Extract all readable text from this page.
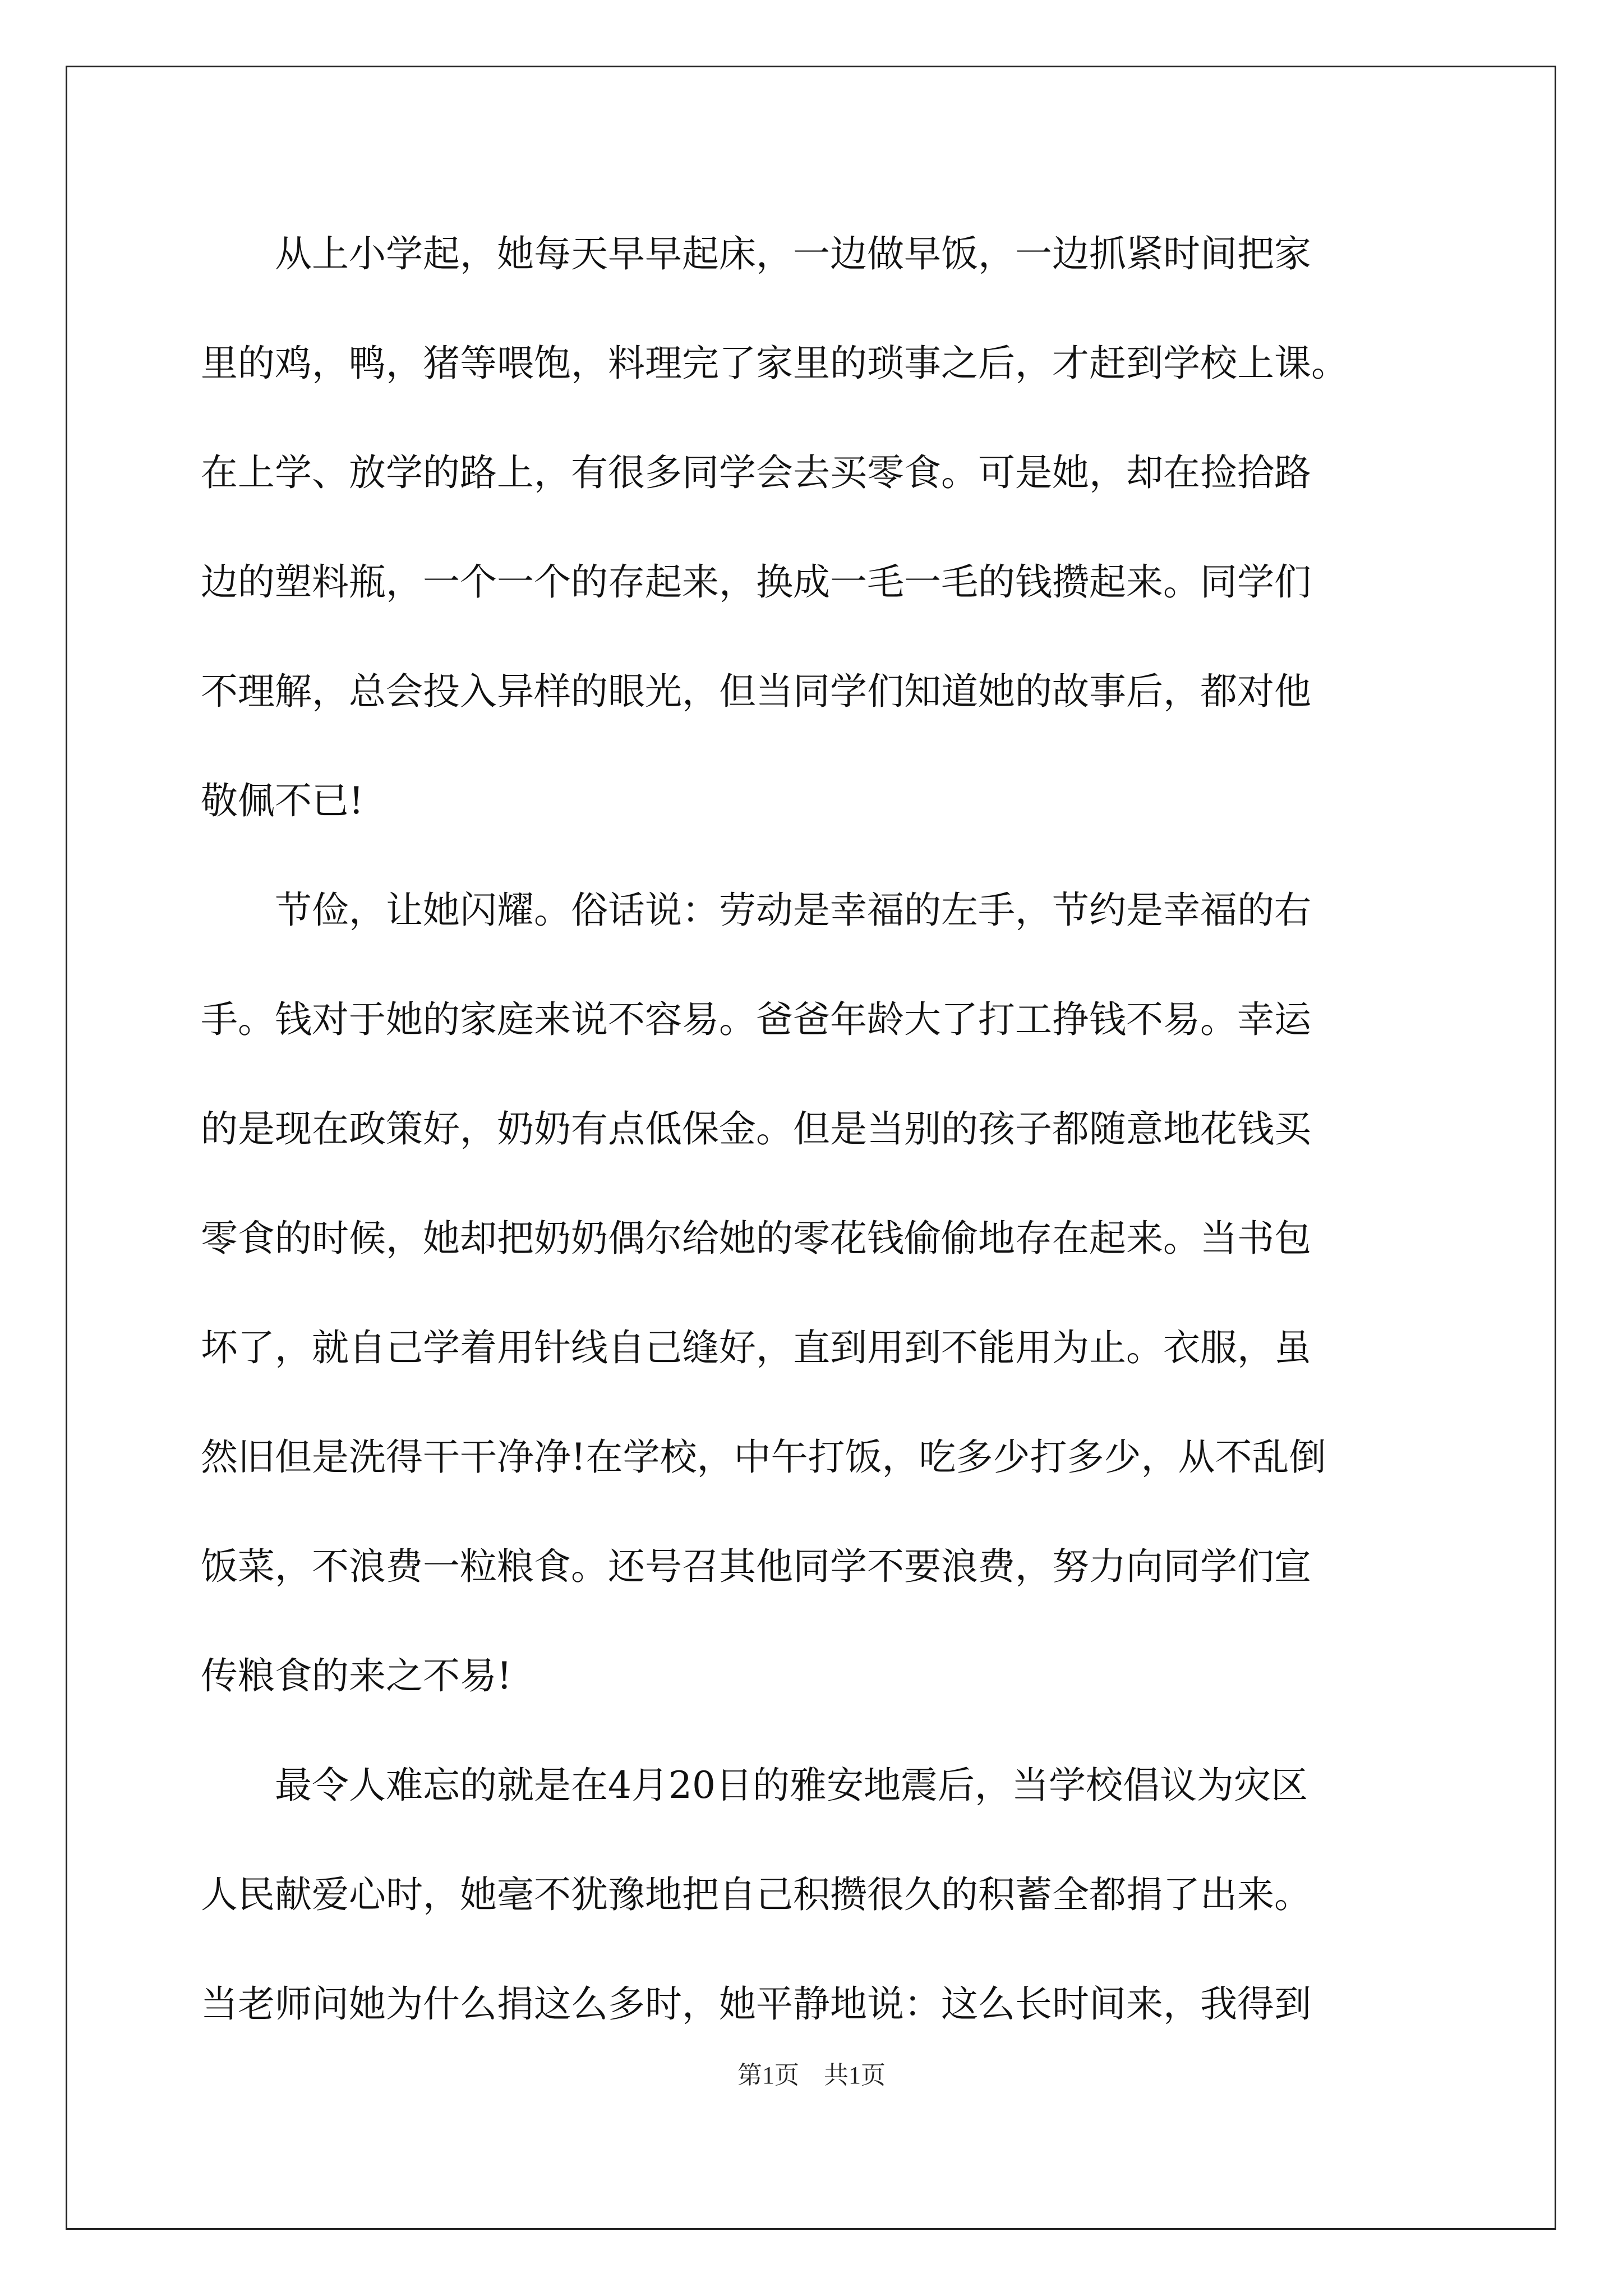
　　从上小学起，她每天早早起床，一边做早饭，一边抓紧时间把家
里的鸡，鸭，猪等喂饱，料理完了家里的琐事之后，才赶到学校上课。
在上学、放学的路上，有很多同学会去买零食。可是她，却在捡拾路
边的塑料瓶，一个一个的存起来，换成一毛一毛的钱攒起来。同学们
不理解，总会投入异样的眼光，但当同学们知道她的故事后，都对他
敬佩不已!
　　节俭，让她闪耀。俗话说：劳动是幸福的左手，节约是幸福的右
手。钱对于她的家庭来说不容易。爸爸年龄大了打工挣钱不易。幸运
的是现在政策好，奶奶有点低保金。但是当别的孩子都随意地花钱买
零食的时候，她却把奶奶偶尔给她的零花钱偷偷地存在起来。当书包
坏了，就自己学着用针线自己缝好，直到用到不能用为止。衣服，虽
然旧但是洗得干干净净!在学校，中午打饭，吃多少打多少，从不乱倒
饭菜，不浪费一粒粮食。还号召其他同学不要浪费，努力向同学们宣
传粮食的来之不易!
　　最令人难忘的就是在4月20日的雅安地震后，当学校倡议为灾区
人民献爱心时，她毫不犹豫地把自己积攒很久的积蓄全都捐了出来。
当老师问她为什么捐这么多时，她平静地说：这么长时间来，我得到
第1页　共1页
